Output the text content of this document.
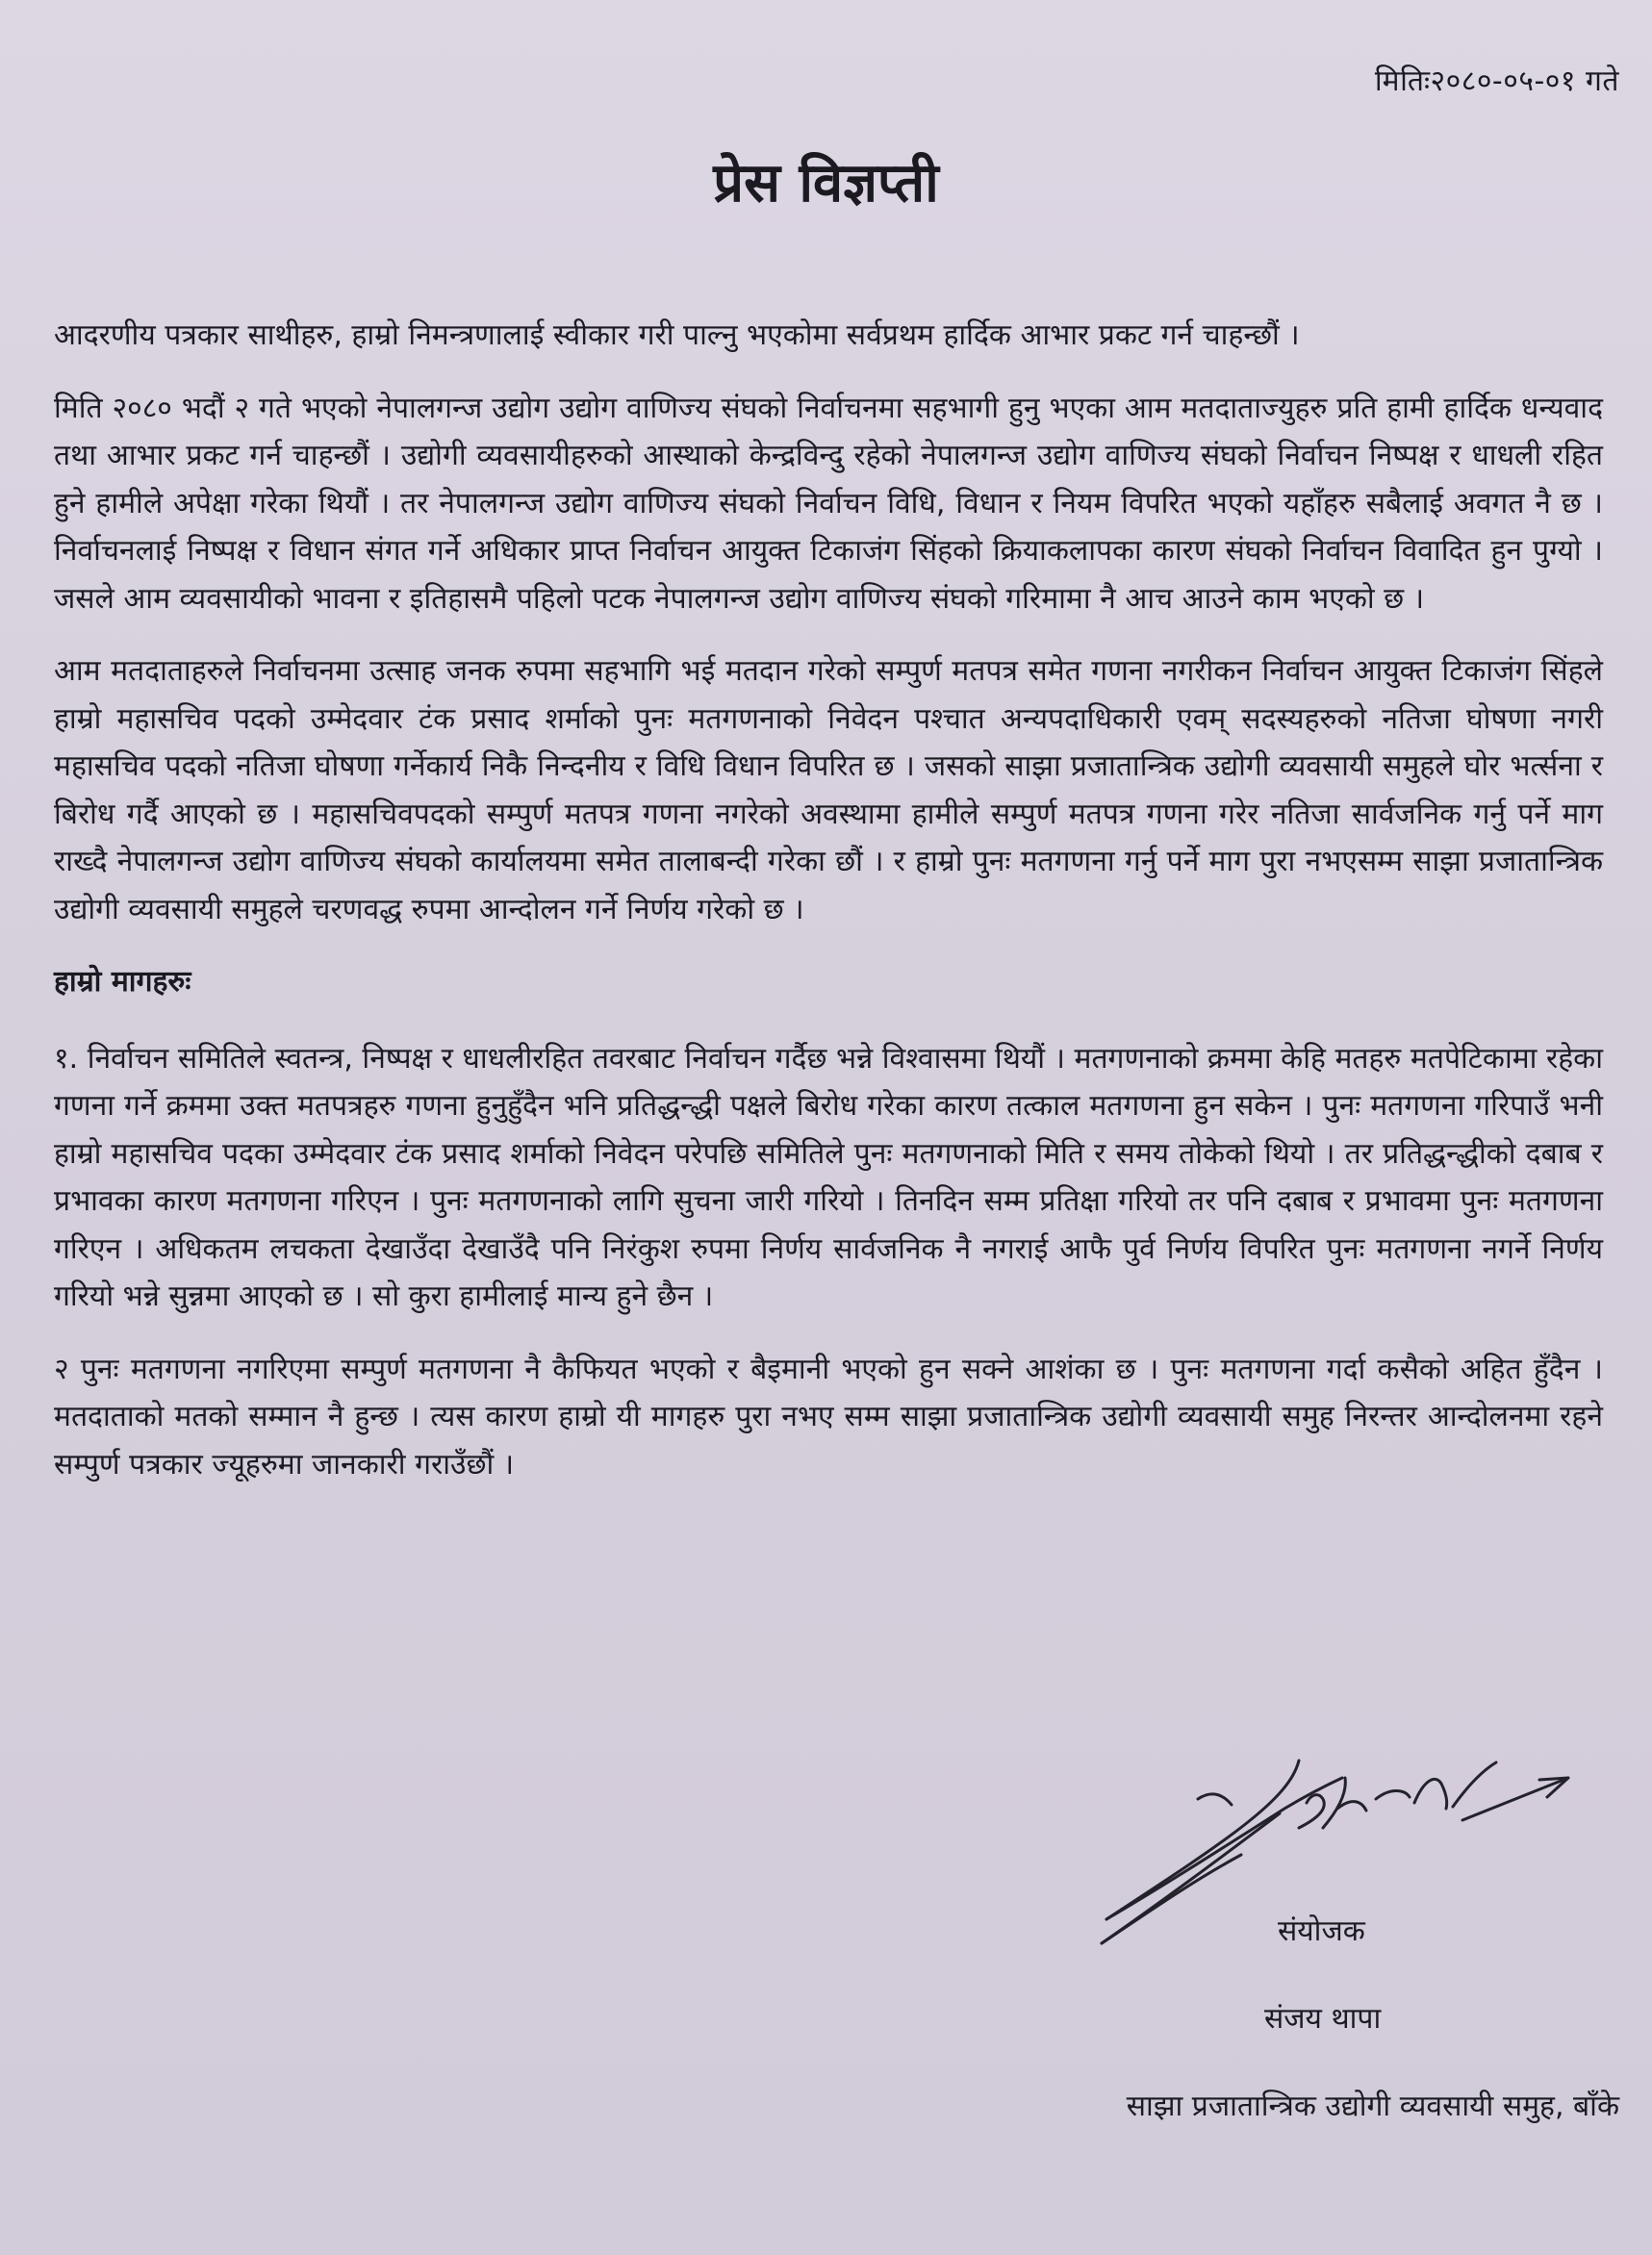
मितिः२०८०-०५-०१ गते
प्रेस विज्ञप्ती

आदरणीय पत्रकार साथीहरु, हाम्रो निमन्त्रणालाई स्वीकार गरी पाल्नु भएकोमा सर्वप्रथम हार्दिक आभार प्रकट गर्न चाहन्छौं ।

मिति २०८० भदौं २ गते भएको नेपालगन्ज उद्योग उद्योग वाणिज्य संघको निर्वाचनमा सहभागी हुनु भएका आम मतदाताज्युहरु प्रति हामी हार्दिक धन्यवाद तथा आभार प्रकट गर्न चाहन्छौं । उद्योगी व्यवसायीहरुको आस्थाको केन्द्रविन्दु रहेको नेपालगन्ज उद्योग वाणिज्य संघको निर्वाचन निष्पक्ष र धाधली रहित हुने हामीले अपेक्षा गरेका थियौं । तर नेपालगन्ज उद्योग वाणिज्य संघको निर्वाचन विधि, विधान र नियम विपरित भएको यहाँहरु सबैलाई अवगत नै छ । निर्वाचनलाई निष्पक्ष र विधान संगत गर्ने अधिकार प्राप्त निर्वाचन आयुक्त टिकाजंग सिंहको क्रियाकलापका कारण संघको निर्वाचन विवादित हुन पुग्यो । जसले आम व्यवसायीको भावना र इतिहासमै पहिलो पटक नेपालगन्ज उद्योग वाणिज्य संघको गरिमामा नै आच आउने काम भएको छ ।

आम मतदाताहरुले निर्वाचनमा उत्साह जनक रुपमा सहभागि भई मतदान गरेको सम्पुर्ण मतपत्र समेत गणना नगरीकन निर्वाचन आयुक्त टिकाजंग सिंहले हाम्रो महासचिव पदको उम्मेदवार टंक प्रसाद शर्माको पुनः मतगणनाको निवेदन पश्चात अन्यपदाधिकारी एवम् सदस्यहरुको नतिजा घोषणा नगरी महासचिव पदको नतिजा घोषणा गर्नेकार्य निकै निन्दनीय र विधि विधान विपरित छ । जसको साझा प्रजातान्त्रिक उद्योगी व्यवसायी समुहले घोर भर्त्सना र बिरोध गर्दै आएको छ । महासचिवपदको सम्पुर्ण मतपत्र गणना नगरेको अवस्थामा हामीले सम्पुर्ण मतपत्र गणना गरेर नतिजा सार्वजनिक गर्नु पर्ने माग राख्दै नेपालगन्ज उद्योग वाणिज्य संघको कार्यालयमा समेत तालाबन्दी गरेका छौं । र हाम्रो पुनः मतगणना गर्नु पर्ने माग पुरा नभएसम्म साझा प्रजातान्त्रिक उद्योगी व्यवसायी समुहले चरणवद्ध रुपमा आन्दोलन गर्ने निर्णय गरेको छ ।

हाम्रो मागहरुः

१. निर्वाचन समितिले स्वतन्त्र, निष्पक्ष र धाधलीरहित तवरबाट निर्वाचन गर्दैछ भन्ने विश्वासमा थियौं । मतगणनाको क्रममा केहि मतहरु मतपेटिकामा रहेका गणना गर्ने क्रममा उक्त मतपत्रहरु गणना हुनुहुँदैन भनि प्रतिद्धन्द्धी पक्षले बिरोध गरेका कारण तत्काल मतगणना हुन सकेन । पुनः मतगणना गरिपाउँ भनी हाम्रो महासचिव पदका उम्मेदवार टंक प्रसाद शर्माको निवेदन परेपछि समितिले पुनः मतगणनाको मिति र समय तोकेको थियो । तर प्रतिद्धन्द्धीको दबाब र प्रभावका कारण मतगणना गरिएन । पुनः मतगणनाको लागि सुचना जारी गरियो । तिनदिन सम्म प्रतिक्षा गरियो तर पनि दबाब र प्रभावमा पुनः मतगणना गरिएन । अधिकतम लचकता देखाउँदा देखाउँदै पनि निरंकुश रुपमा निर्णय सार्वजनिक नै नगराई आफै पुर्व निर्णय विपरित पुनः मतगणना नगर्ने निर्णय गरियो भन्ने सुन्नमा आएको छ । सो कुरा हामीलाई मान्य हुने छैन ।

२ पुनः मतगणना नगरिएमा सम्पुर्ण मतगणना नै कैफियत भएको र बैइमानी भएको हुन सक्ने आशंका छ । पुनः मतगणना गर्दा कसैको अहित हुँदैन । मतदाताको मतको सम्मान नै हुन्छ । त्यस कारण हाम्रो यी मागहरु पुरा नभए सम्म साझा प्रजातान्त्रिक उद्योगी व्यवसायी समुह निरन्तर आन्दोलनमा रहने सम्पुर्ण पत्रकार ज्यूहरुमा जानकारी गराउँछौं ।

संयोजक
संजय थापा
साझा प्रजातान्त्रिक उद्योगी व्यवसायी समुह, बाँके
